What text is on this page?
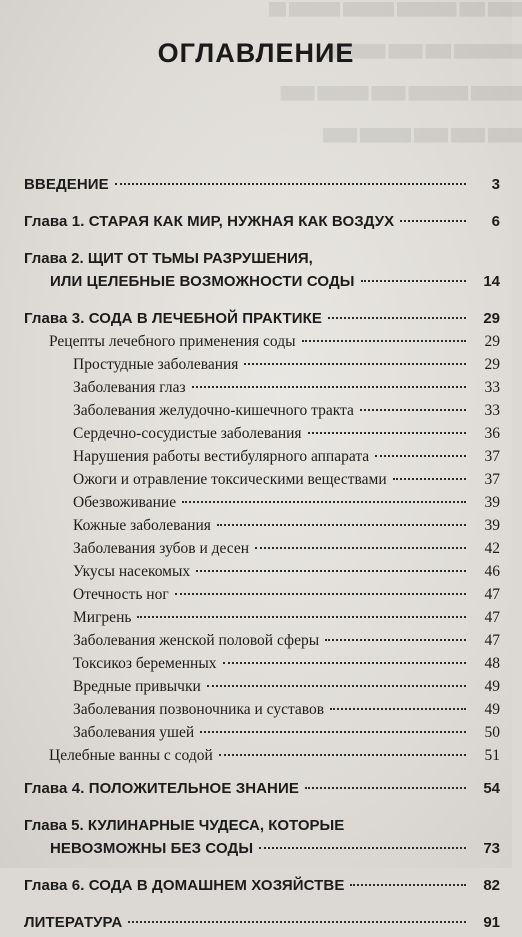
████ ███ ███████ ██████ ██████ ██
████████ ███ ████ ███████
██████ ███████ ████ ██████ ████
████ ████ ████ ██████ ████
ОГЛАВЛЕНИЕ
ВВЕДЕНИЕ	3
Глава 1. СТАРАЯ КАК МИР, НУЖНАЯ КАК ВОЗДУХ	6
Глава 2. ЩИТ ОТ ТЬМЫ РАЗРУШЕНИЯ,
ИЛИ ЦЕЛЕБНЫЕ ВОЗМОЖНОСТИ СОДЫ	14
Глава 3. СОДА В ЛЕЧЕБНОЙ ПРАКТИКЕ	29
Рецепты лечебного применения соды	29
Простудные заболевания	29
Заболевания глаз	33
Заболевания желудочно-кишечного тракта	33
Сердечно-сосудистые заболевания	36
Нарушения работы вестибулярного аппарата	37
Ожоги и отравление токсическими веществами	37
Обезвоживание	39
Кожные заболевания	39
Заболевания зубов и десен	42
Укусы насекомых	46
Отечность ног	47
Мигрень	47
Заболевания женской половой сферы	47
Токсикоз беременных	48
Вредные привычки	49
Заболевания позвоночника и суставов	49
Заболевания ушей	50
Целебные ванны с содой	51
Глава 4. ПОЛОЖИТЕЛЬНОЕ ЗНАНИЕ	54
Глава 5. КУЛИНАРНЫЕ ЧУДЕСА, КОТОРЫЕ
НЕВОЗМОЖНЫ БЕЗ СОДЫ	73
Глава 6. СОДА В ДОМАШНЕМ ХОЗЯЙСТВЕ	82
ЛИТЕРАТУРА	91
